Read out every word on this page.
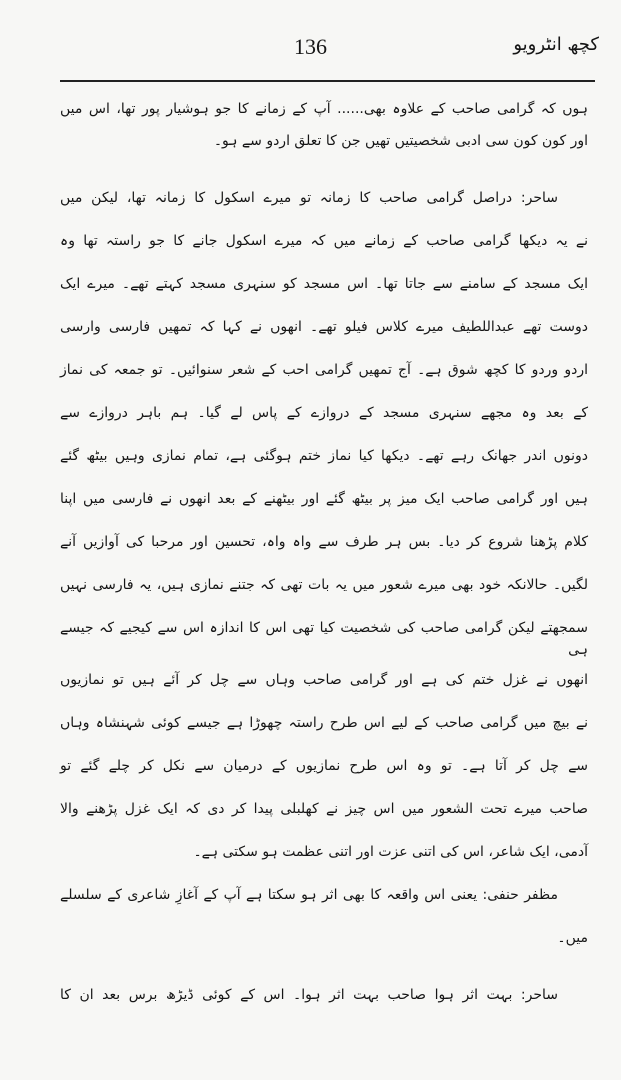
کچھ انٹرویو
136
ہوں کہ گرامی صاحب کے علاوہ بھی...... آپ کے زمانے کا جو ہوشیار پور تھا، اس میں
اور کون کون سی ادبی شخصیتیں تھیں جن کا تعلق اردو سے ہو۔
ساحر: دراصل گرامی صاحب کا زمانہ تو میرے اسکول کا زمانہ تھا، لیکن میں
نے یہ دیکھا گرامی صاحب کے زمانے میں کہ میرے اسکول جانے کا جو راستہ تھا وہ
ایک مسجد کے سامنے سے جاتا تھا۔ اس مسجد کو سنہری مسجد کہتے تھے۔ میرے ایک
دوست تھے عبداللطیف میرے کلاس فیلو تھے۔ انھوں نے کہا کہ تمھیں فارسی وارسی
اردو وردو کا کچھ شوق ہے۔ آج تمھیں گرامی احب کے شعر سنوائیں۔ تو جمعہ کی نماز
کے بعد وہ مجھے سنہری مسجد کے دروازے کے پاس لے گیا۔ ہم باہر دروازے سے
دونوں اندر جھانک رہے تھے۔ دیکھا کیا نماز ختم ہوگئی ہے، تمام نمازی وہیں بیٹھ گئے
ہیں اور گرامی صاحب ایک میز پر بیٹھ گئے اور بیٹھنے کے بعد انھوں نے فارسی میں اپنا
کلام پڑھنا شروع کر دیا۔ بس ہر طرف سے واہ واہ، تحسین اور مرحبا کی آوازیں آنے
لگیں۔ حالانکہ خود بھی میرے شعور میں یہ بات تھی کہ جتنے نمازی ہیں، یہ فارسی نہیں
سمجھتے لیکن گرامی صاحب کی شخصیت کیا تھی اس کا اندازہ اس سے کیجیے کہ جیسے ہی
انھوں نے غزل ختم کی ہے اور گرامی صاحب وہاں سے چل کر آئے ہیں تو نمازیوں
نے بیچ میں گرامی صاحب کے لیے اس طرح راستہ چھوڑا ہے جیسے کوئی شہنشاہ وہاں
سے چل کر آتا ہے۔ تو وہ اس طرح نمازیوں کے درمیان سے نکل کر چلے گئے تو
صاحب میرے تحت الشعور میں اس چیز نے کھلبلی پیدا کر دی کہ ایک غزل پڑھنے والا
آدمی، ایک شاعر، اس کی اتنی عزت اور اتنی عظمت ہو سکتی ہے۔
مظفر حنفی: یعنی اس واقعہ کا بھی اثر ہو سکتا ہے آپ کے آغازِ شاعری کے سلسلے
میں۔
ساحر: بہت اثر ہوا صاحب بہت اثر ہوا۔ اس کے کوئی ڈیڑھ برس بعد ان کا
